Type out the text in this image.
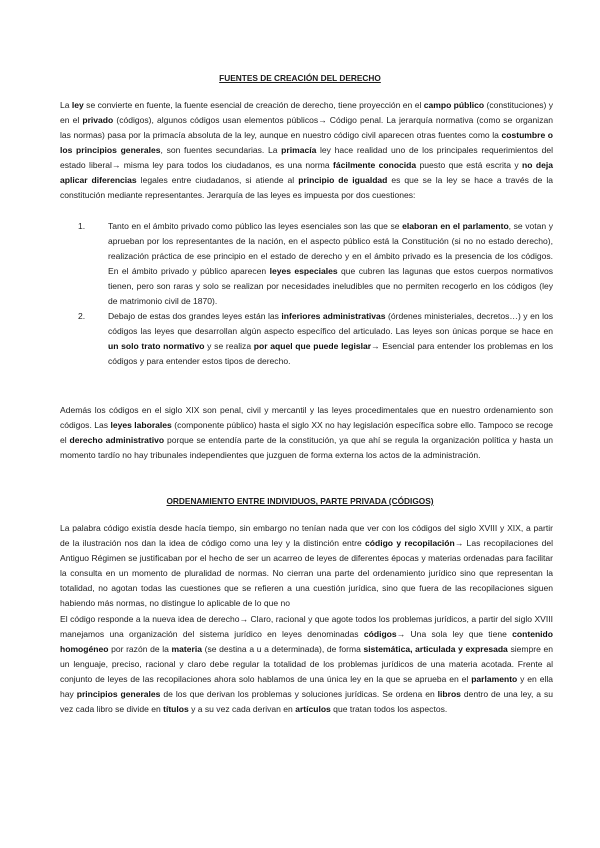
FUENTES DE CREACIÓN DEL DERECHO

La ley se convierte en fuente, la fuente esencial de creación de derecho, tiene proyección en el campo público (constituciones) y en el privado (códigos), algunos códigos usan elementos públicos→ Código penal. La jerarquía normativa (como se organizan las normas) pasa por la primacía absoluta de la ley, aunque en nuestro código civil aparecen otras fuentes como la costumbre o los principios generales, son fuentes secundarias. La primacía ley hace realidad uno de los principales requerimientos del estado liberal→ misma ley para todos los ciudadanos, es una norma fácilmente conocida puesto que está escrita y no deja aplicar diferencias legales entre ciudadanos, si atiende al principio de igualdad es que se la ley se hace a través de la constitución mediante representantes. Jerarquía de las leyes es impuesta por dos cuestiones:

1.	Tanto en el ámbito privado como público las leyes esenciales son las que se elaboran en el parlamento, se votan y aprueban por los representantes de la nación, en el aspecto público está la Constitución (si no no estado derecho), realización práctica de ese principio en el estado de derecho y en el ámbito privado es la presencia de los códigos. En el ámbito privado y público aparecen leyes especiales que cubren las lagunas que estos cuerpos normativos tienen, pero son raras y solo se realizan por necesidades ineludibles que no permiten recogerlo en los códigos (ley de matrimonio civil de 1870).
2.	Debajo de estas dos grandes leyes están las inferiores administrativas (órdenes ministeriales, decretos…) y en los códigos las leyes que desarrollan algún aspecto específico del articulado. Las leyes son únicas porque se hace en un solo trato normativo y se realiza por aquel que puede legislar→ Esencial para entender los problemas en los códigos y para entender estos tipos de derecho.

Además los códigos en el siglo XIX son penal, civil y mercantil y las leyes procedimentales que en nuestro ordenamiento son códigos. Las leyes laborales (componente público) hasta el siglo XX no hay legislación específica sobre ello. Tampoco se recoge el derecho administrativo porque se entendía parte de la constitución, ya que ahí se regula la organización política y hasta un momento tardío no hay tribunales independientes que juzguen de forma externa los actos de la administración.

ORDENAMIENTO ENTRE INDIVIDUOS, PARTE PRIVADA (CÓDIGOS)

La palabra código existía desde hacía tiempo, sin embargo no tenían nada que ver con los códigos del siglo XVIII y XIX, a partir de la ilustración nos dan la idea de código como una ley y la distinción entre código y recopilación→ Las recopilaciones del Antiguo Régimen se justificaban por el hecho de ser un acarreo de leyes de diferentes épocas y materias ordenadas para facilitar la consulta en un momento de pluralidad de normas. No cierran una parte del ordenamiento jurídico sino que representan la totalidad, no agotan todas las cuestiones que se refieren a una cuestión jurídica, sino que fuera de las recopilaciones siguen habiendo más normas, no distingue lo aplicable de lo que no

El código responde a la nueva idea de derecho→ Claro, racional y que agote todos los problemas jurídicos, a partir del siglo XVIII manejamos una organización del sistema jurídico en leyes denominadas códigos→ Una sola ley que tiene contenido homogéneo por razón de la materia (se destina a u a determinada), de forma sistemática, articulada y expresada siempre en un lenguaje, preciso, racional y claro debe regular la totalidad de los problemas jurídicos de una materia acotada. Frente al conjunto de leyes de las recopilaciones ahora solo hablamos de una única ley en la que se aprueba en el parlamento y en ella hay principios generales de los que derivan los problemas y soluciones jurídicas. Se ordena en libros dentro de una ley, a su vez cada libro se divide en títulos y a su vez cada derivan en artículos que tratan todos los aspectos.
